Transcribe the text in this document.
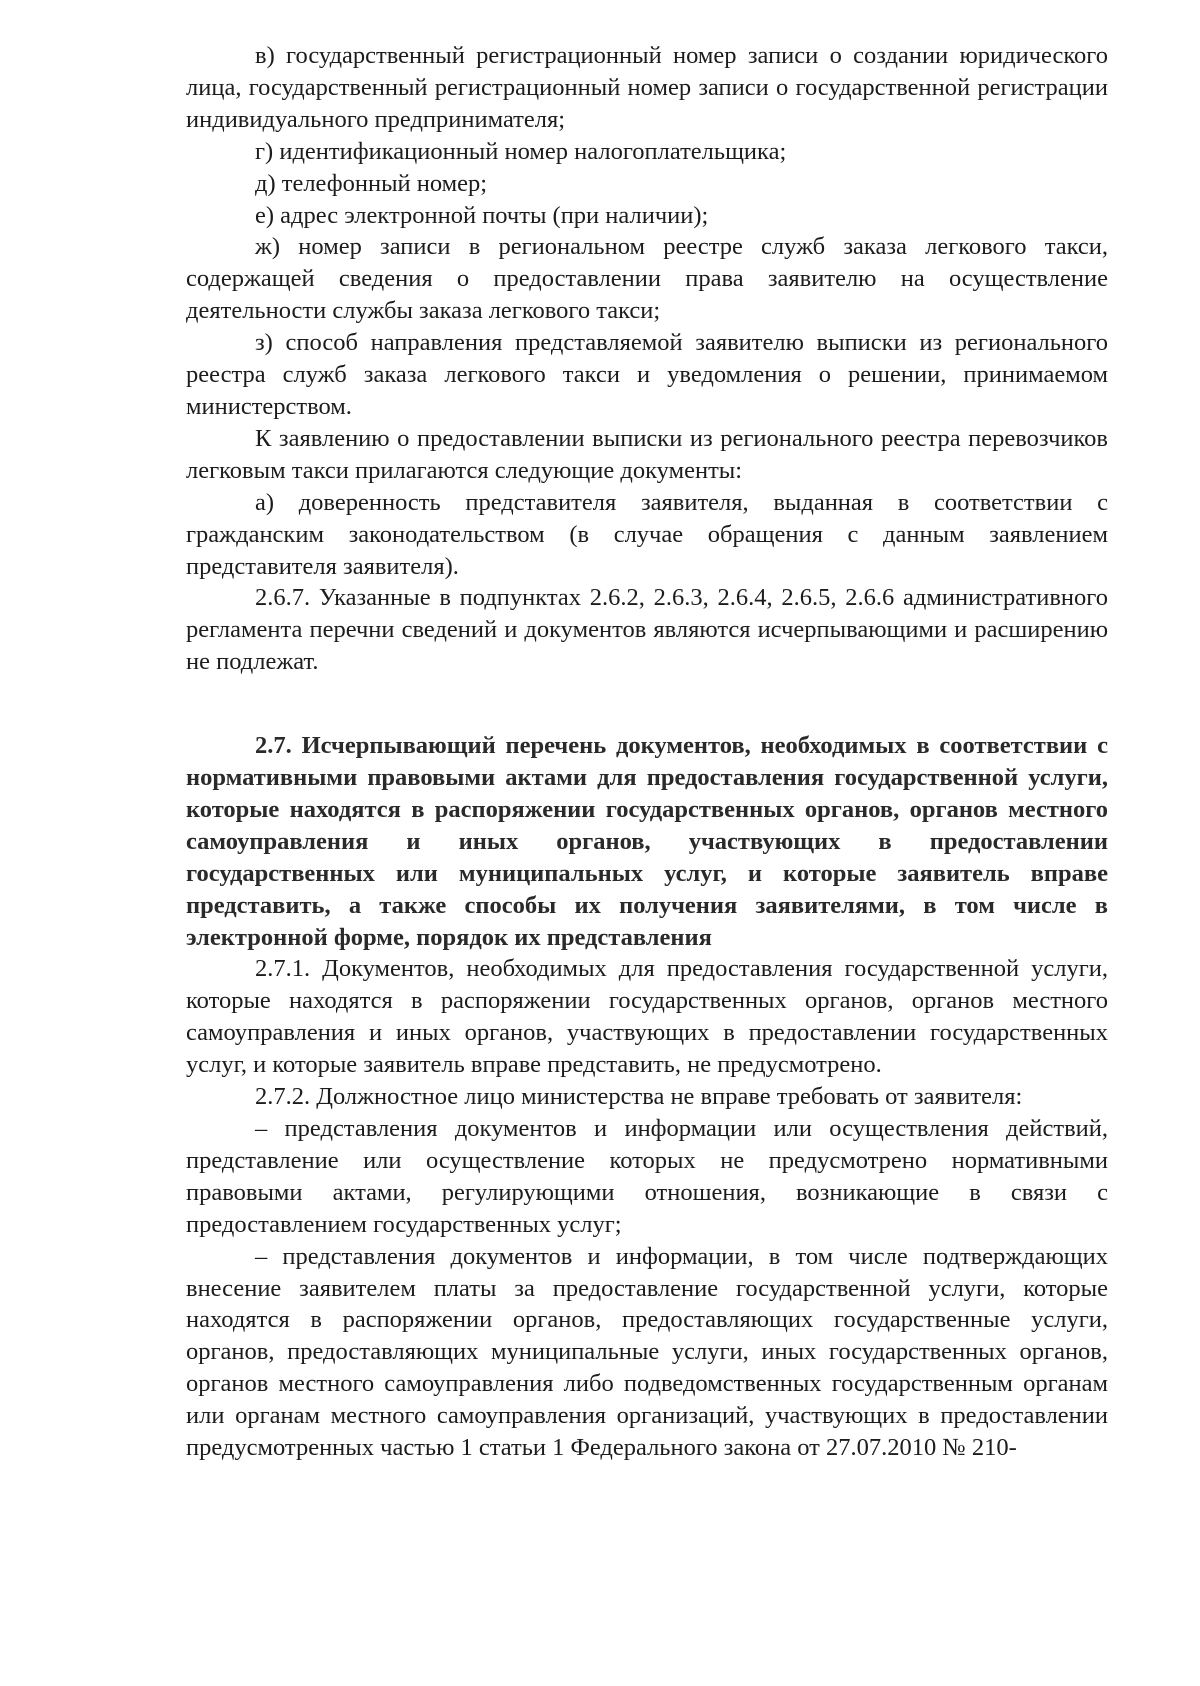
в) государственный регистрационный номер записи о создании юридического лица, государственный регистрационный номер записи о государственной регистрации индивидуального предпринимателя;

г) идентификационный номер налогоплательщика;

д) телефонный номер;

е) адрес электронной почты (при наличии);

ж) номер записи в региональном реестре служб заказа легкового такси, содержащей сведения о предоставлении права заявителю на осуществление деятельности службы заказа легкового такси;

з) способ направления представляемой заявителю выписки из регионального реестра служб заказа легкового такси и уведомления о решении, принимаемом министерством.

К заявлению о предоставлении выписки из регионального реестра перевозчиков легковым такси прилагаются следующие документы:

а) доверенность представителя заявителя, выданная в соответствии с гражданским законодательством (в случае обращения с данным заявлением представителя заявителя).

2.6.7. Указанные в подпунктах 2.6.2, 2.6.3, 2.6.4, 2.6.5, 2.6.6 административного регламента перечни сведений и документов являются исчерпывающими и расширению не подлежат.

2.7. Исчерпывающий перечень документов, необходимых в соответствии с нормативными правовыми актами для предоставления государственной услуги, которые находятся в распоряжении государственных органов, органов местного самоуправления и иных органов, участвующих в предоставлении государственных или муниципальных услуг, и которые заявитель вправе представить, а также способы их получения заявителями, в том числе в электронной форме, порядок их представления

2.7.1. Документов, необходимых для предоставления государственной услуги, которые находятся в распоряжении государственных органов, органов местного самоуправления и иных органов, участвующих в предоставлении государственных услуг, и которые заявитель вправе представить, не предусмотрено.

2.7.2. Должностное лицо министерства не вправе требовать от заявителя:

– представления документов и информации или осуществления действий, представление или осуществление которых не предусмотрено нормативными правовыми актами, регулирующими отношения, возникающие в связи с предоставлением государственных услуг;

– представления документов и информации, в том числе подтверждающих внесение заявителем платы за предоставление государственной услуги, которые находятся в распоряжении органов, предоставляющих государственные услуги, органов, предоставляющих муниципальные услуги, иных государственных органов, органов местного самоуправления либо подведомственных государственным органам или органам местного самоуправления организаций, участвующих в предоставлении предусмотренных частью 1 статьи 1 Федерального закона от 27.07.2010 № 210-
